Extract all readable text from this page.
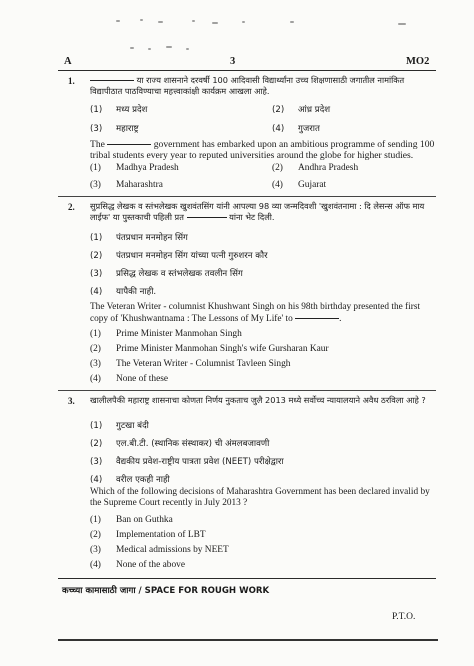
A	3	MO2
1.	या राज्य शासनाने दरवर्षी 100 आदिवासी विद्यार्थ्यांना उच्च शिक्षणासाठी जगातील नामांकित विद्यापीठात पाठविण्याचा महत्त्वाकांक्षी कार्यक्रम आखला आहे.
(1) मध्य प्रदेश	(2) आंध्र प्रदेश
(3) महाराष्ट्र	(4) गुजरात
The	government has embarked upon an ambitious programme of sending 100 tribal students every year to reputed universities around the globe for higher studies.
(1) Madhya Pradesh	(2) Andhra Pradesh
(3) Maharashtra	(4) Gujarat
2. सुप्रसिद्ध लेखक व स्तंभलेखक खुशवंतसिंग यांनी आपल्या 98 व्या जन्मदिवशी 'खुशवंतनामा : दि लेसन्स ऑफ माय लाईफ' या पुस्तकाची पहिली प्रत	यांना भेट दिली.
(1) पंतप्रधान मनमोहन सिंग
(2) पंतप्रधान मनमोहन सिंग यांच्या पत्नी गुरुशरन कौर
(3) प्रसिद्ध लेखक व स्तंभलेखक तवलीन सिंग
(4) यापैकी नाही.
The Veteran Writer - columnist Khushwant Singh on his 98th birthday presented the first
copy of 'Khushwantnama : The Lessons of My Life' to	.
(1) Prime Minister Manmohan Singh
(2) Prime Minister Manmohan Singh's wife Gursharan Kaur
(3) The Veteran Writer - Columnist Tavleen Singh
(4) None of these
3. खालीलपैकी महाराष्ट्र शासनाचा कोणता निर्णय नुकताच जुलै 2013 मध्ये सर्वोच्च न्यायालयाने अवैध ठरविला आहे ?
(1) गुटखा बंदी
(2) एल.बी.टी. (स्थानिक संस्थाकर) ची अंमलबजावणी
(3) वैद्यकीय प्रवेश-राष्ट्रीय पात्रता प्रवेश (NEET) परीक्षेद्वारा
(4) वरील एकही नाही
Which of the following decisions of Maharashtra Government has been declared invalid by the Supreme Court recently in July 2013 ?
(1) Ban on Guthka
(2) Implementation of LBT
(3) Medical admissions by NEET
(4) None of the above
कच्च्या कामासाठी जागा / SPACE FOR ROUGH WORK
P.T.O.
